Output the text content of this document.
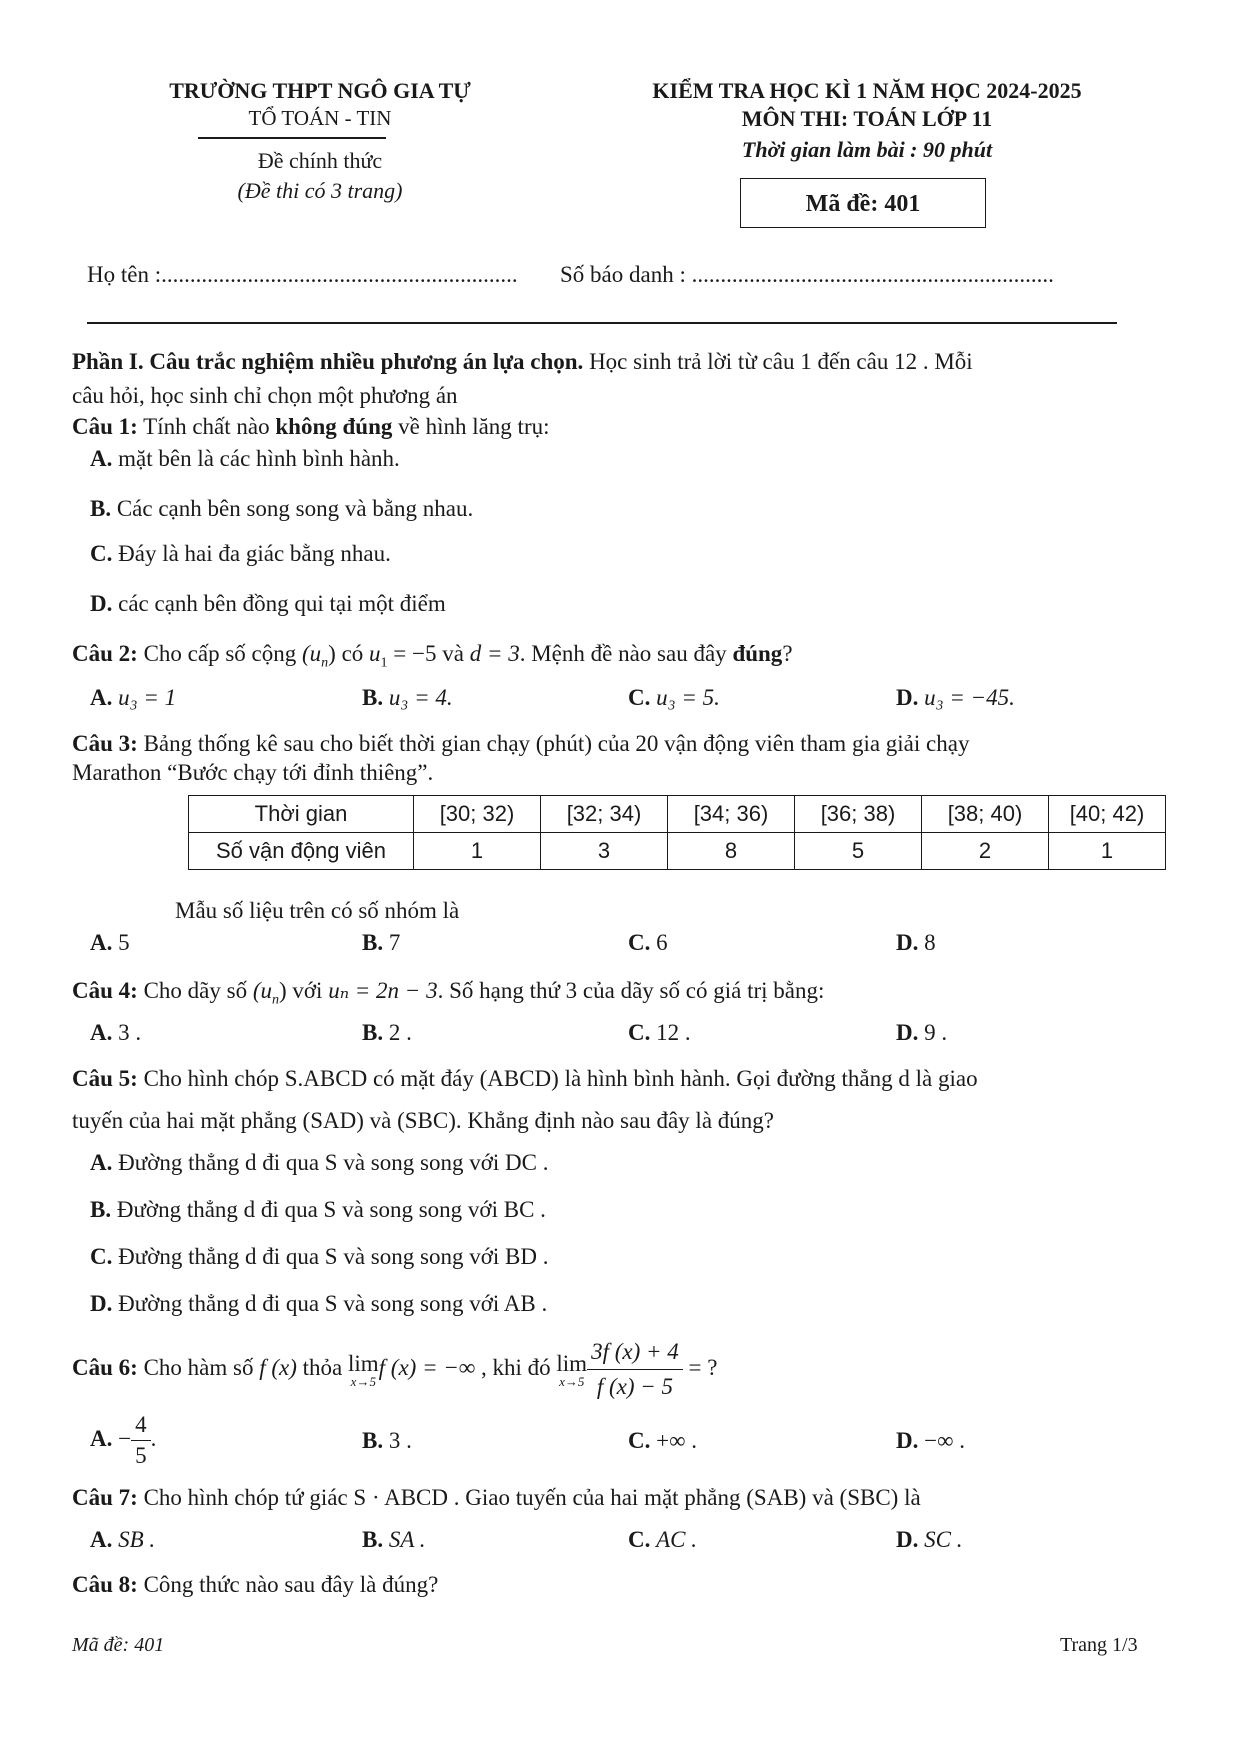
TRƯỜNG THPT NGÔ GIA TỰ
TỔ TOÁN - TIN
Đề chính thức
(Đề thi có 3 trang)
KIỂM TRA HỌC KÌ 1 NĂM HỌC 2024-2025
MÔN THI: TOÁN LỚP 11
Thời gian làm bài : 90 phút
Mã đề: 401
Họ tên :.............................................................. Số báo danh : ...............................................................
Phần I. Câu trắc nghiệm nhiều phương án lựa chọn. Học sinh trả lời từ câu 1 đến câu 12 . Mỗi
câu hỏi, học sinh chỉ chọn một phương án
Câu 1: Tính chất nào không đúng về hình lăng trụ:
A. mặt bên là các hình bình hành.
B. Các cạnh bên song song và bằng nhau.
C. Đáy là hai đa giác bằng nhau.
D. các cạnh bên đồng qui tại một điểm
Câu 2: Cho cấp số cộng $(u_n)$ có $u_1 = -5$ và d = 3. Mệnh đề nào sau đây đúng?
A. u₃ = 1	B. u₃ = 4.	C. u₃ = 5.	D. u₃ = −45.
Câu 3: Bảng thống kê sau cho biết thời gian chạy (phút) của 20 vận động viên tham gia giải chạy
Marathon “Bước chạy tới đỉnh thiêng”.
Thời gian	[30; 32)	[32; 34)	[34; 36)	[36; 38)	[38; 40)	[40; 42)
Số vận động viên	1	3	8	5	2	1
Mẫu số liệu trên có số nhóm là
A. 5	B. 7	C. 6	D. 8
Câu 4: Cho dãy số $(u_n)$ với uₙ = 2n − 3. Số hạng thứ 3 của dãy số có giá trị bằng:
A. 3 .	B. 2 .	C. 12 .	D. 9 .
Câu 5: Cho hình chóp S.ABCD có mặt đáy (ABCD) là hình bình hành. Gọi đường thẳng d là giao
tuyến của hai mặt phẳng (SAD) và (SBC). Khẳng định nào sau đây là đúng?
A. Đường thẳng d đi qua S và song song với DC .
B. Đường thẳng d đi qua S và song song với BC .
C. Đường thẳng d đi qua S và song song với BD .
D. Đường thẳng d đi qua S và song song với AB .
Câu 6: Cho hàm số f (x) thỏa lim
x→5
f (x) = −∞ , khi đó lim
$x\to 5 \frac{3f (x) + 4}{f (x) - 5}$ = ?
A. − $\frac{4}{5}$ .	B. 3 .	C. +∞ .	D. −∞ .
Câu 7: Cho hình chóp tứ giác S · ABCD . Giao tuyến của hai mặt phẳng (SAB) và (SBC) là
A. SB .	B. SA .	C. AC .	D. SC .
Câu 8: Công thức nào sau đây là đúng?
Mã đề: 401	Trang 1/3
